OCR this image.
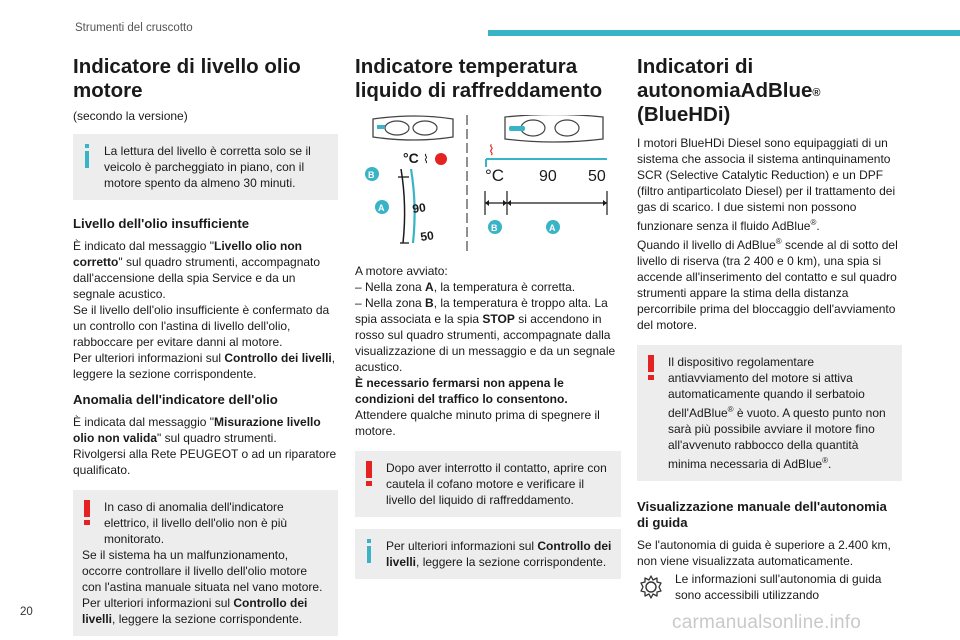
Strumenti del cruscotto
Indicatore di livello olio motore
(secondo la versione)
La lettura del livello è corretta solo se il veicolo è parcheggiato in piano, con il motore spento da almeno 30 minuti.
Livello dell'olio insufficiente
È indicato dal messaggio "Livello olio non corretto" sul quadro strumenti, accompagnato dall'accensione della spia Service e da un segnale acustico.
Se il livello dell'olio insufficiente è confermato da un controllo con l'astina di livello dell'olio, rabboccare per evitare danni al motore.
Per ulteriori informazioni sul Controllo dei livelli, leggere la sezione corrispondente.
Anomalia dell'indicatore dell'olio
È indicata dal messaggio "Misurazione livello olio non valida" sul quadro strumenti.
Rivolgersi alla Rete PEUGEOT o ad un riparatore qualificato.
In caso di anomalia dell'indicatore elettrico, il livello dell'olio non è più monitorato.
Se il sistema ha un malfunzionamento, occorre controllare il livello dell'olio motore con l'astina manuale situata nel vano motore.
Per ulteriori informazioni sul Controllo dei livelli, leggere la sezione corrispondente.
Indicatore temperatura liquido di raffreddamento
°C ⌇
90
50
B
A
⌇
°C 90 50
B	A
A motore avviato:
– Nella zona A, la temperatura è corretta.
– Nella zona B, la temperatura è troppo alta. La spia associata e la spia STOP si accendono in rosso sul quadro strumenti, accompagnate dalla visualizzazione di un messaggio e da un segnale acustico.
È necessario fermarsi non appena le condizioni del traffico lo consentono.
Attendere qualche minuto prima di spegnere il motore.
Dopo aver interrotto il contatto, aprire con cautela il cofano motore e verificare il livello del liquido di raffreddamento.
Per ulteriori informazioni sul Controllo dei livelli, leggere la sezione corrispondente.
Indicatori di autonomiaAdBlue®
(BlueHDi)
I motori BlueHDi Diesel sono equipaggiati di un sistema che associa il sistema antinquinamento SCR (Selective Catalytic Reduction) e un DPF (filtro antiparticolato Diesel) per il trattamento dei gas di scarico. I due sistemi non possono funzionare senza il fluido AdBlue®.
Quando il livello di AdBlue® scende al di sotto del livello di riserva (tra 2 400 e 0 km), una spia si accende all'inserimento del contatto e sul quadro strumenti appare la stima della distanza percorribile prima del bloccaggio dell'avviamento del motore.
Il dispositivo regolamentare antiavviamento del motore si attiva automaticamente quando il serbatoio dell'AdBlue® è vuoto. A questo punto non sarà più possibile avviare il motore fino all'avvenuto rabbocco della quantità minima necessaria di AdBlue®.
Visualizzazione manuale dell'autonomia di guida
Se l'autonomia di guida è superiore a 2.400 km, non viene visualizzata automaticamente.
Le informazioni sull'autonomia di guida sono accessibili utilizzando
20	carmanualsonline.info
